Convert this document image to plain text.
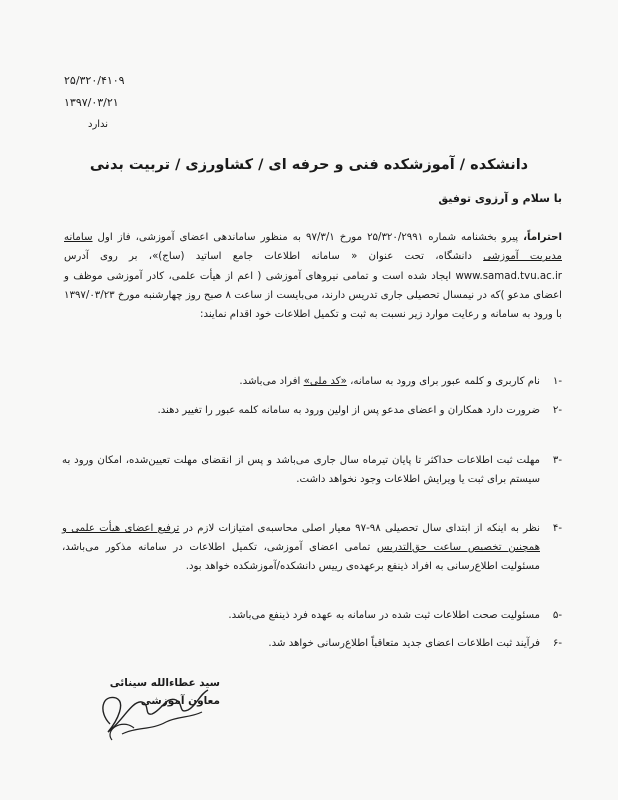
۲۵/۳۲۰/۴۱۰۹
۱۳۹۷/۰۳/۲۱
ندارد
دانشکده / آموزشکده فنی و حرفه ای / کشاورزی / تربیت بدنی
با سلام و آرزوی توفیق
احتراماً، پیرو بخشنامه شماره ۲۵/۳۲۰/۲۹۹۱ مورخ ۹۷/۳/۱ به منظور ساماندهی اعضای آموزشی، فاز اول سامانه مدیریت آموزشی دانشگاه، تحت عنوان « سامانه اطلاعات جامع اساتید (ساج)»، بر روی آدرس www.samad.tvu.ac.ir ایجاد شده است و تمامی نیروهای آموزشی ( اعم از هیأت علمی، کادر آموزشی موظف و اعضای مدعو )که در نیمسال تحصیلی جاری تدریس دارند، می‌بایست از ساعت ۸ صبح روز چهارشنبه مورخ ۱۳۹۷/۰۳/۲۳ با ورود به سامانه و رعایت موارد زیر نسبت به ثبت و تکمیل اطلاعات خود اقدام نمایند:
-۱
نام کاربری و کلمه عبور برای ورود به سامانه، «کد ملی» افراد می‌باشد.
-۲
ضرورت دارد همکاران و اعضای مدعو پس از اولین ورود به سامانه کلمه عبور را تغییر دهند.
-۳
مهلت ثبت اطلاعات حداکثر تا پایان تیرماه سال جاری می‌باشد و پس از انقضای مهلت تعیین‌شده، امکان ورود به سیستم برای ثبت یا ویرایش اطلاعات وجود نخواهد داشت.
-۴
نظر به اینکه از ابتدای سال تحصیلی ۹۸-۹۷ معیار اصلی محاسبه‌ی امتیازات لازم در ترفیع اعضای هیأت علمی و همچنین تخصیص ساعت حق‌التدریس تمامی اعضای آموزشی، تکمیل اطلاعات در سامانه مذکور می‌باشد، مسئولیت اطلاع‌رسانی به افراد ذینفع برعهده‌ی رییس دانشکده/آموزشکده خواهد بود.
-۵
مسئولیت صحت اطلاعات ثبت شده در سامانه به عهده فرد ذینفع می‌باشد.
-۶
فرآیند ثبت اطلاعات اعضای جدید متعاقباً اطلاع‌رسانی خواهد شد.
سید عطاءالله سینائی
معاون آموزشی
